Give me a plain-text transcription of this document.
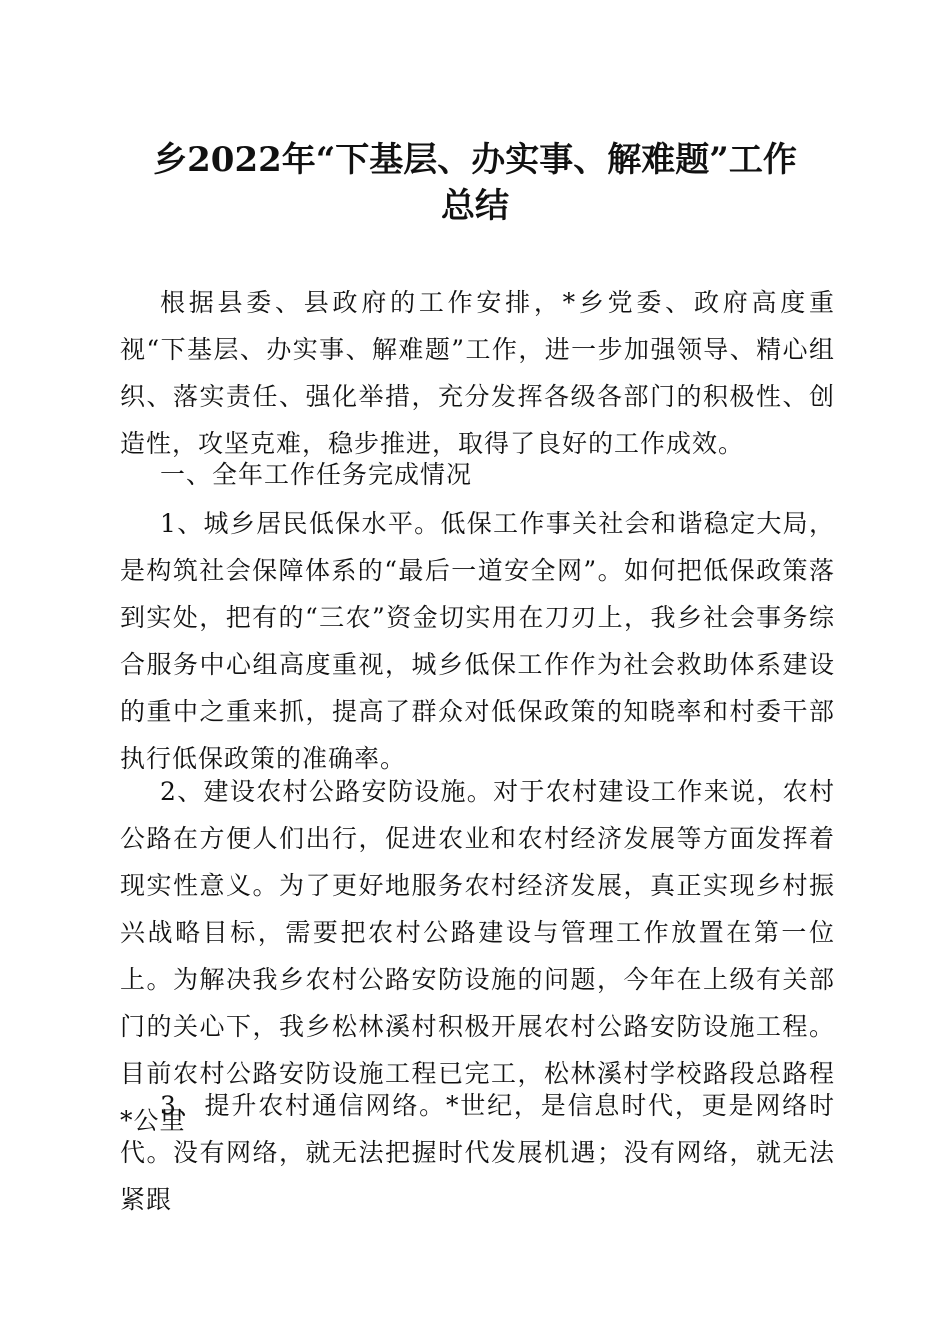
乡2022年“下基层、办实事、解难题”工作
总结

根据县委、县政府的工作安排，*乡党委、政府高度重视“下基层、办实事、解难题”工作，进一步加强领导、精心组织、落实责任、强化举措，充分发挥各级各部门的积极性、创造性，攻坚克难，稳步推进，取得了良好的工作成效。

一、全年工作任务完成情况

1、城乡居民低保水平。低保工作事关社会和谐稳定大局，是构筑社会保障体系的“最后一道安全网”。如何把低保政策落到实处，把有的“三农”资金切实用在刀刃上，我乡社会事务综合服务中心组高度重视，城乡低保工作作为社会救助体系建设的重中之重来抓，提高了群众对低保政策的知晓率和村委干部执行低保政策的准确率。

2、建设农村公路安防设施。对于农村建设工作来说，农村公路在方便人们出行，促进农业和农村经济发展等方面发挥着现实性意义。为了更好地服务农村经济发展，真正实现乡村振兴战略目标，需要把农村公路建设与管理工作放置在第一位上。为解决我乡农村公路安防设施的问题，今年在上级有关部门的关心下，我乡松林溪村积极开展农村公路安防设施工程。目前农村公路安防设施工程已完工，松林溪村学校路段总路程*公里

3、提升农村通信网络。*世纪，是信息时代，更是网络时代。没有网络，就无法把握时代发展机遇；没有网络，就无法紧跟
